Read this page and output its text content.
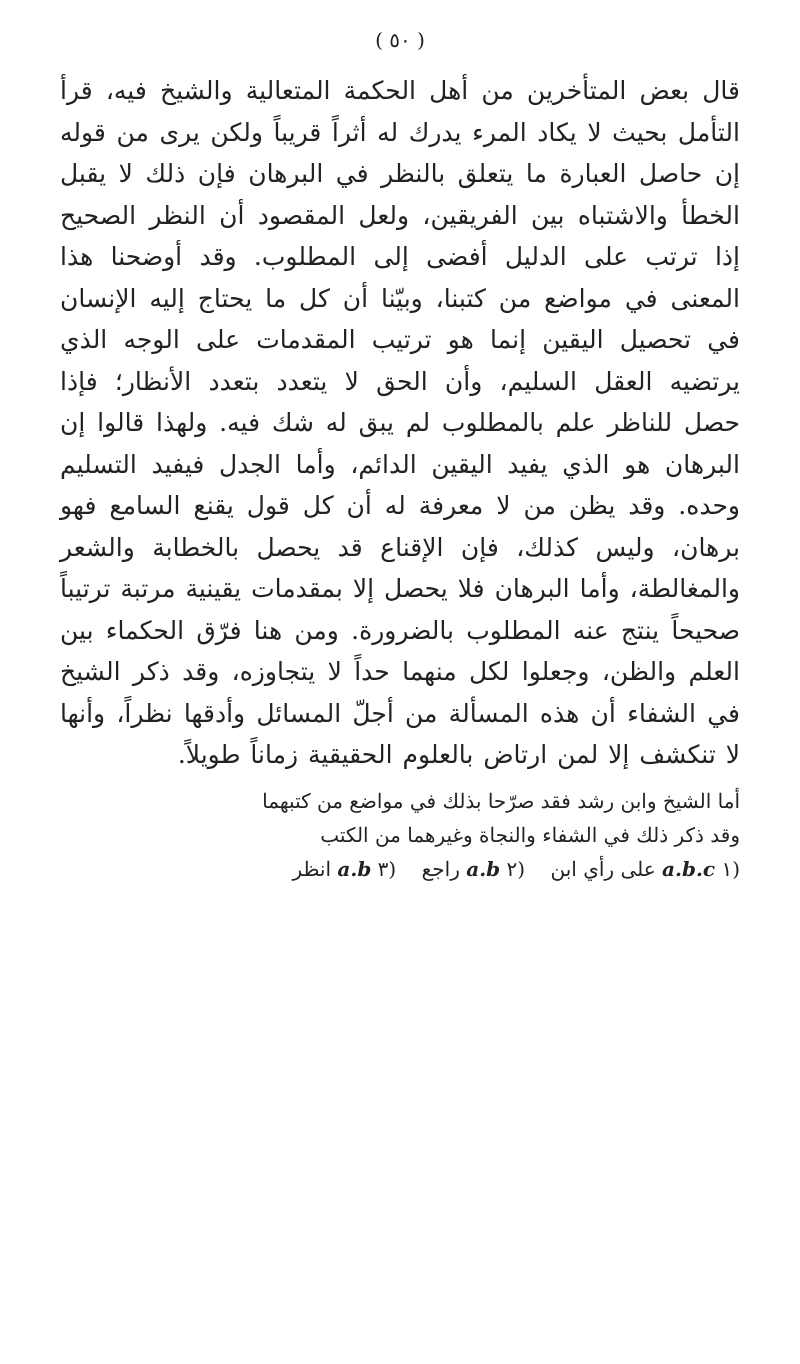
( ٥٠ )

قال بعض المتأخرين من أهل الحكمة المتعالية والشيخ فيه، قرأ التأمل بحيث لا يكاد المرء يدرك له أثراً قريباً ولكن يرى من قوله إن حاصل العبارة ما يتعلق بالنظر في البرهان فإن ذلك لا يقبل الخطأ والاشتباه بين الفريقين، ولعل المقصود أن النظر الصحيح إذا ترتب على الدليل أفضى إلى المطلوب. وقد أوضحنا هذا المعنى في مواضع من كتبنا، وبيّنا أن كل ما يحتاج إليه الإنسان في تحصيل اليقين إنما هو ترتيب المقدمات على الوجه الذي يرتضيه العقل السليم، وأن الحق لا يتعدد بتعدد الأنظار؛ فإذا حصل للناظر علم بالمطلوب لم يبق له شك فيه. ولهذا قالوا إن البرهان هو الذي يفيد اليقين الدائم، وأما الجدل فيفيد التسليم وحده. وقد يظن من لا معرفة له أن كل قول يقنع السامع فهو برهان، وليس كذلك، فإن الإقناع قد يحصل بالخطابة والشعر والمغالطة، وأما البرهان فلا يحصل إلا بمقدمات يقينية مرتبة ترتيباً صحيحاً ينتج عنه المطلوب بالضرورة. ومن هنا فرّق الحكماء بين العلم والظن، وجعلوا لكل منهما حداً لا يتجاوزه، وقد ذكر الشيخ في الشفاء أن هذه المسألة من أجلّ المسائل وأدقها نظراً، وأنها لا تنكشف إلا لمن ارتاض بالعلوم الحقيقية زماناً طويلاً.

أما الشيخ وابن رشد فقد صرّحا بذلك في مواضع من كتبهما

وقد ذكر ذلك في الشفاء والنجاة وغيرهما من الكتب

(١ a.b.c على رأي ابن    (٢ a.b راجع    (٣ a.b انظر
